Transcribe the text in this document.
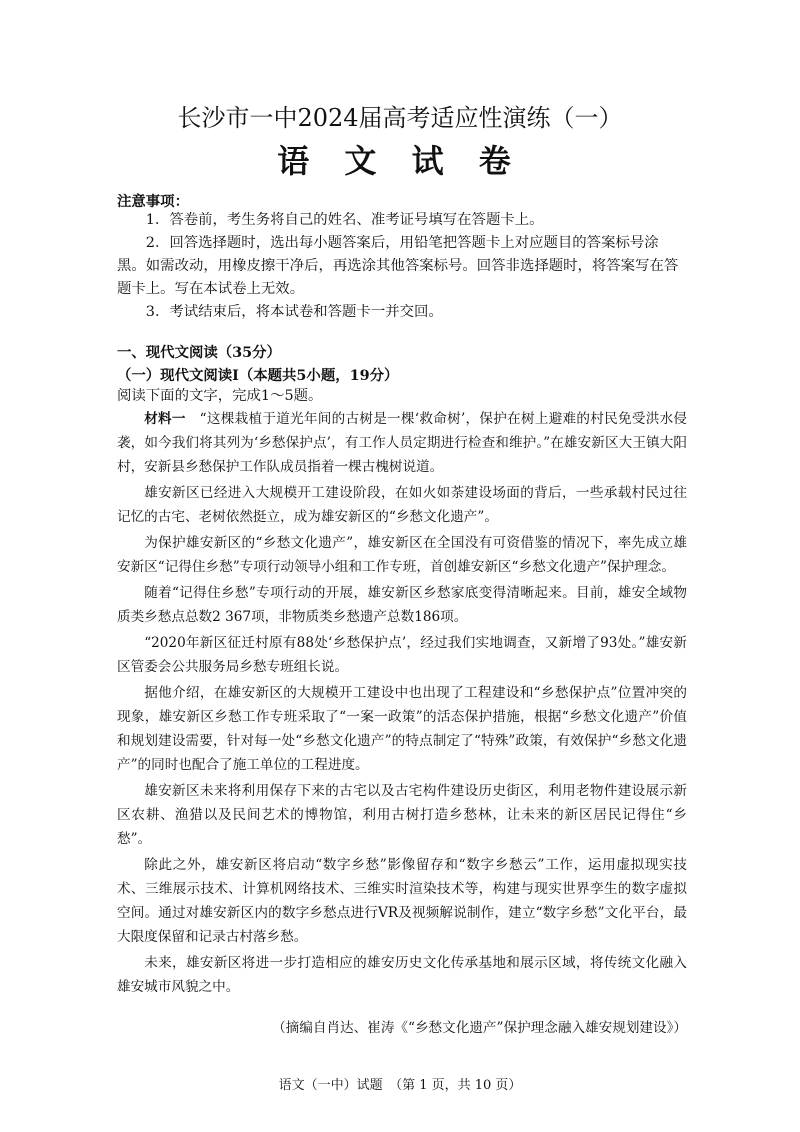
长沙市一中2024届高考适应性演练（一）
语 文 试 卷
注意事项：

1．答卷前，考生务将自己的姓名、准考证号填写在答题卡上。

2．回答选择题时，选出每小题答案后，用铅笔把答题卡上对应题目的答案标号涂黑。如需改动，用橡皮擦干净后，再选涂其他答案标号。回答非选择题时，将答案写在答题卡上。写在本试卷上无效。

3．考试结束后，将本试卷和答题卡一并交回。

一、现代文阅读（35分）
（一）现代文阅读Ⅰ（本题共5小题，19分）
阅读下面的文字，完成1～5题。

材料一　 “这棵栽植于道光年间的古树是一棵‘救命树’，保护在树上避难的村民免受洪水侵袭，如今我们将其列为‘乡愁保护点’，有工作人员定期进行检查和维护。”在雄安新区大王镇大阳村，安新县乡愁保护工作队成员指着一棵古槐树说道。

雄安新区已经进入大规模开工建设阶段，在如火如荼建设场面的背后，一些承载村民过往记忆的古宅、老树依然挺立，成为雄安新区的“乡愁文化遗产”。

为保护雄安新区的“乡愁文化遗产”，雄安新区在全国没有可资借鉴的情况下，率先成立雄安新区“记得住乡愁”专项行动领导小组和工作专班，首创雄安新区“乡愁文化遗产”保护理念。

随着“记得住乡愁”专项行动的开展，雄安新区乡愁家底变得清晰起来。目前，雄安全域物质类乡愁点总数2 367项，非物质类乡愁遗产总数186项。

“2020年新区征迁村原有88处‘乡愁保护点’，经过我们实地调查，又新增了93处。”雄安新区管委会公共服务局乡愁专班组长说。

据他介绍，在雄安新区的大规模开工建设中也出现了工程建设和“乡愁保护点”位置冲突的现象，雄安新区乡愁工作专班采取了“一案一政策”的活态保护措施，根据“乡愁文化遗产”价值和规划建设需要，针对每一处“乡愁文化遗产”的特点制定了“特殊”政策，有效保护“乡愁文化遗产”的同时也配合了施工单位的工程进度。

雄安新区未来将利用保存下来的古宅以及古宅构件建设历史街区，利用老物件建设展示新区农耕、渔猎以及民间艺术的博物馆，利用古树打造乡愁林，让未来的新区居民记得住“乡愁”。

除此之外，雄安新区将启动“数字乡愁”影像留存和“数字乡愁云”工作，运用虚拟现实技术、三维展示技术、计算机网络技术、三维实时渲染技术等，构建与现实世界孪生的数字虚拟空间。通过对雄安新区内的数字乡愁点进行VR及视频解说制作，建立“数字乡愁”文化平台，最大限度保留和记录古村落乡愁。

未来，雄安新区将进一步打造相应的雄安历史文化传承基地和展示区域，将传统文化融入雄安城市风貌之中。

（摘编自肖达、崔涛《“乡愁文化遗产”保护理念融入雄安规划建设》）
语文（一中）试题　（第 1 页，共 10 页）
